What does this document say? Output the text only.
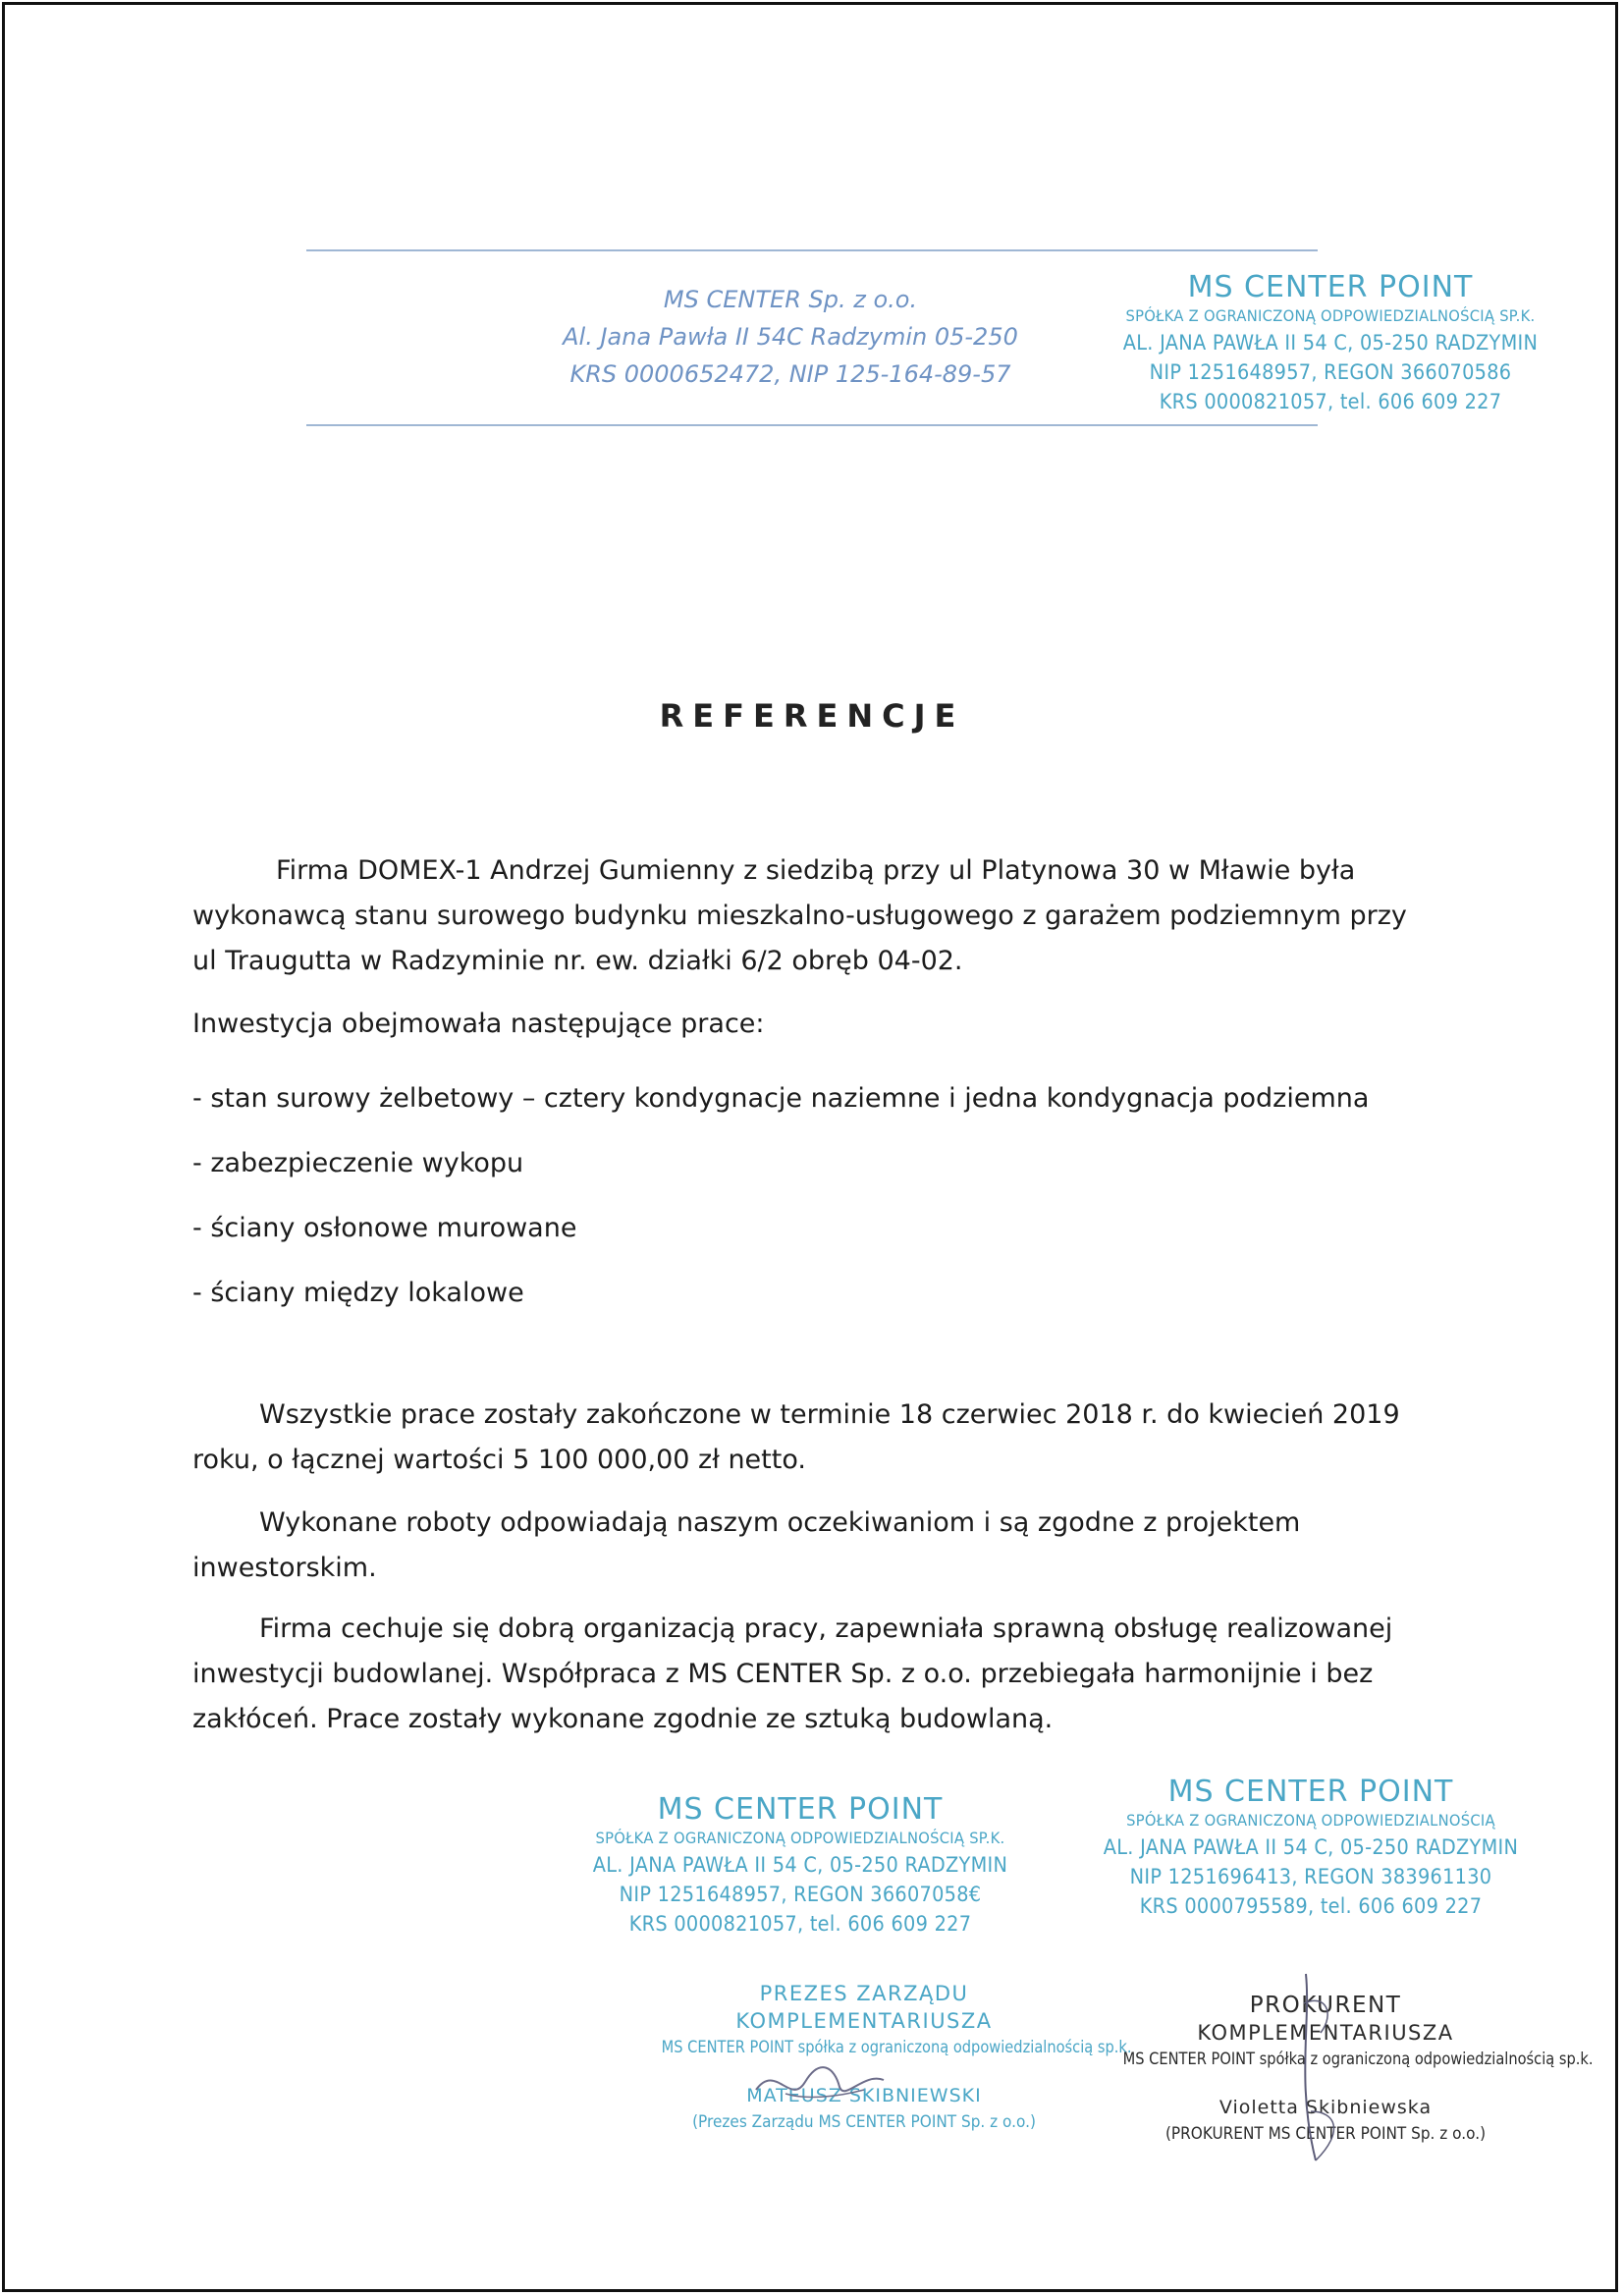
MS CENTER Sp. z o.o.
Al. Jana Pawła II 54C Radzymin 05-250
KRS 0000652472, NIP 125-164-89-57
MS CENTER POINT
SPÓŁKA Z OGRANICZONĄ ODPOWIEDZIALNOŚCIĄ SP.K.
AL. JANA PAWŁA II 54 C, 05-250 RADZYMIN
NIP 1251648957, REGON 366070586
KRS 0000821057, tel. 606 609 227
REFERENCJE
Firma DOMEX-1 Andrzej Gumienny z siedzibą przy ul Platynowa 30 w Mławie była
wykonawcą stanu surowego budynku mieszkalno-usługowego z garażem podziemnym przy
ul Traugutta w Radzyminie nr. ew. działki 6/2 obręb 04-02.
Inwestycja obejmowała następujące prace:
- stan surowy żelbetowy – cztery kondygnacje naziemne i jedna kondygnacja podziemna
- zabezpieczenie wykopu
- ściany osłonowe murowane
- ściany między lokalowe

Wszystkie prace zostały zakończone w terminie 18 czerwiec 2018 r. do kwiecień 2019 roku, o łącznej wartości 5 100 000,00 zł netto.

Wykonane roboty odpowiadają naszym oczekiwaniom i są zgodne z projektem inwestorskim.

Firma cechuje się dobrą organizacją pracy, zapewniała sprawną obsługę realizowanej inwestycji budowlanej. Współpraca z MS CENTER Sp. z o.o. przebiegała harmonijnie i bez zakłóceń. Prace zostały wykonane zgodnie ze sztuką budowlaną.

MS CENTER POINT
SPÓŁKA Z OGRANICZONĄ ODPOWIEDZIALNOŚCIĄ SP.K.
AL. JANA PAWŁA II 54 C, 05-250 RADZYMIN
NIP 1251648957, REGON 36607058€
KRS 0000821057, tel. 606 609 227
MS CENTER POINT
SPÓŁKA Z OGRANICZONĄ ODPOWIEDZIALNOŚCIĄ
AL. JANA PAWŁA II 54 C, 05-250 RADZYMIN
NIP 1251696413, REGON 383961130
KRS 0000795589, tel. 606 609 227
PREZES ZARZĄDU
KOMPLEMENTARIUSZA
MS CENTER POINT spółka z ograniczoną odpowiedzialnością sp.k.
MATEUSZ SKIBNIEWSKI
(Prezes Zarządu MS CENTER POINT Sp. z o.o.)
PROKURENT
KOMPLEMENTARIUSZA
MS CENTER POINT spółka z ograniczoną odpowiedzialnością sp.k.
Violetta Skibniewska
(PROKURENT MS CENTER POINT Sp. z o.o.)
